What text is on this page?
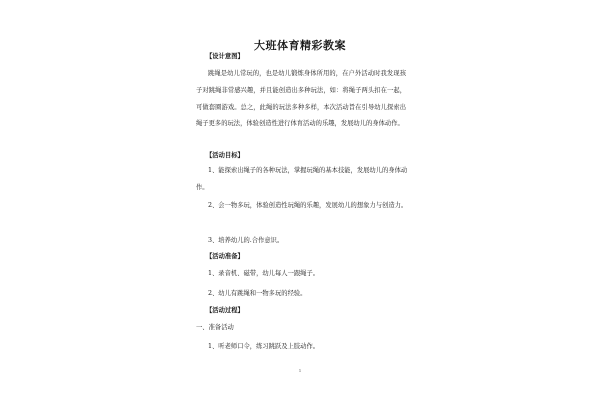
大班体育精彩教案

【设计意图】

跳绳是幼儿常玩的，也是幼儿锻炼身体所用的，在户外活动时我发现孩子对跳绳非常感兴趣，并且能创造出多种玩法，如：将绳子两头扣在一起，可做套圈游戏。总之，此绳的玩法多种多样，本次活动旨在引导幼儿探索出绳子更多的玩法，体验创造性进行体育活动的乐趣，发展幼儿的身体动作。

【活动目标】

1、能探索出绳子的各种玩法，掌握玩绳的基本技能，发展幼儿的身体动作。

2、会一物多玩，体验创造性玩绳的乐趣，发展幼儿的想象力与创造力。

3、培养幼儿的.合作意识。

【活动准备】

1、录音机、磁带，幼儿每人一跟绳子。

2、幼儿有跳绳和一物多玩的经验。

【活动过程】

一、准备活动

1、听老师口令，练习跳跃及上肢动作。

1
